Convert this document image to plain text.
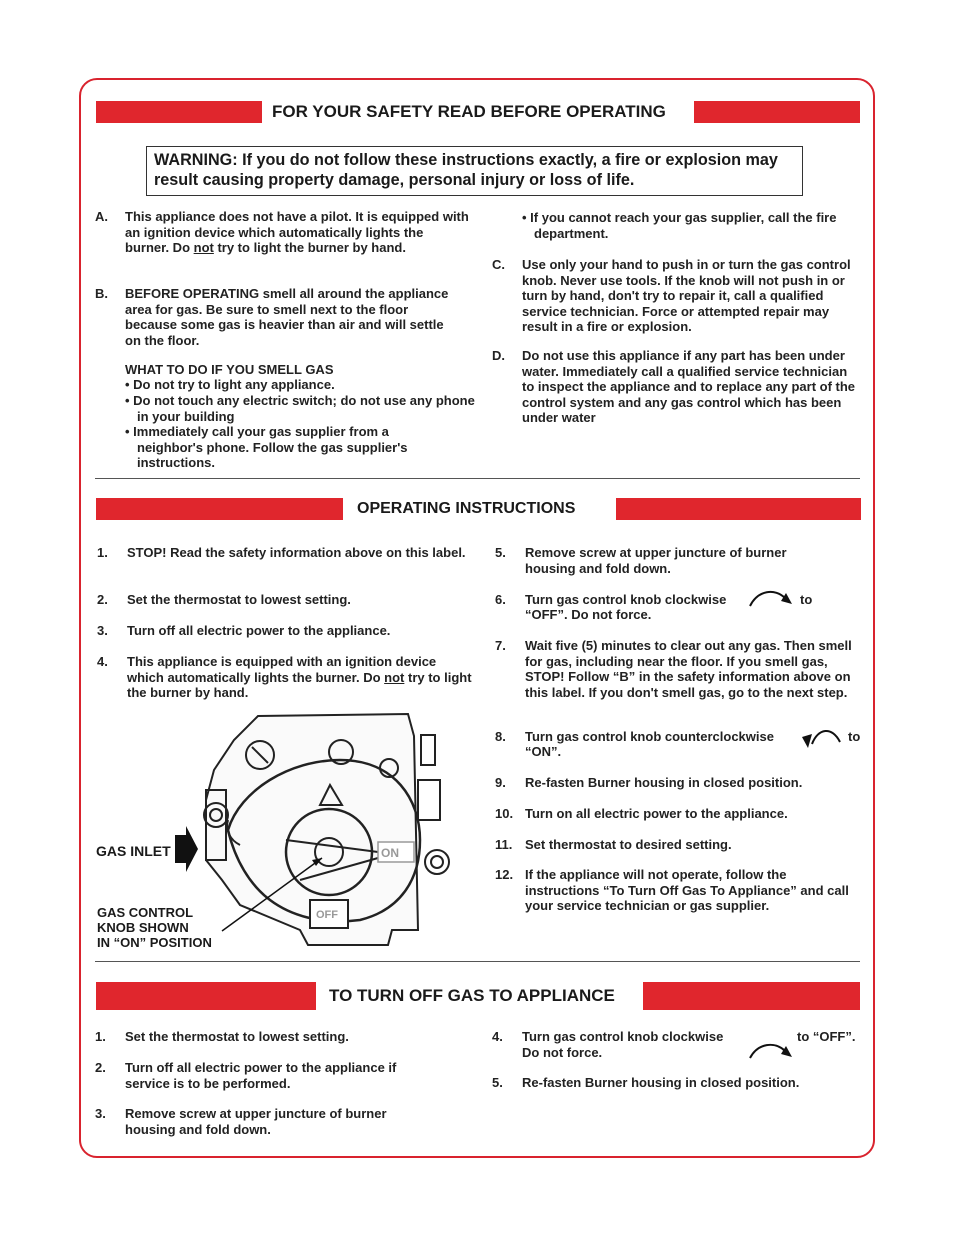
FOR YOUR SAFETY READ BEFORE OPERATING
WARNING: If you do not follow these instructions exactly, a fire or explosion may result causing property damage, personal injury or loss of life.
A. This appliance does not have a pilot. It is equipped with an ignition device which automatically lights the burner. Do not try to light the burner by hand.
B. BEFORE OPERATING smell all around the appliance area for gas. Be sure to smell next to the floor because some gas is heavier than air and will settle on the floor.
WHAT TO DO IF YOU SMELL GAS
• Do not try to light any appliance.
• Do not touch any electric switch; do not use any phone in your building
• Immediately call your gas supplier from a neighbor's phone. Follow the gas supplier's instructions.
• If you cannot reach your gas supplier, call the fire department.
C. Use only your hand to push in or turn the gas control knob. Never use tools. If the knob will not push in or turn by hand, don't try to repair it, call a qualified service technician. Force or attempted repair may result in a fire or explosion.
D. Do not use this appliance if any part has been under water. Immediately call a qualified service technician to inspect the appliance and to replace any part of the control system and any gas control which has been under water
OPERATING INSTRUCTIONS
1. STOP! Read the safety information above on this label.
2. Set the thermostat to lowest setting.
3. Turn off all electric power to the appliance.
4. This appliance is equipped with an ignition device which automatically lights the burner. Do not try to light the burner by hand.
ON
OFF
GAS INLET
GAS CONTROL
KNOB SHOWN
IN “ON” POSITION
5. Remove screw at upper juncture of burner housing and fold down.
6. Turn gas control knob clockwise	to
“OFF”. Do not force.
7. Wait five (5) minutes to clear out any gas. Then smell for gas, including near the floor. If you smell gas, STOP! Follow “B” in the safety information above on this label. If you don't smell gas, go to the next step.
8. Turn gas control knob counterclockwise	to
“ON”.
9. Re-fasten Burner housing in closed position.
10. Turn on all electric power to the appliance.
11. Set thermostat to desired setting.
12. If the appliance will not operate, follow the instructions “To Turn Off Gas To Appliance” and call your service technician or gas supplier.
TO TURN OFF GAS TO APPLIANCE
1. Set the thermostat to lowest setting.
2. Turn off all electric power to the appliance if service is to be performed.
3. Remove screw at upper juncture of burner housing and fold down.
4. Turn gas control knob clockwise	to “OFF”.
Do not force.
5. Re-fasten Burner housing in closed position.
